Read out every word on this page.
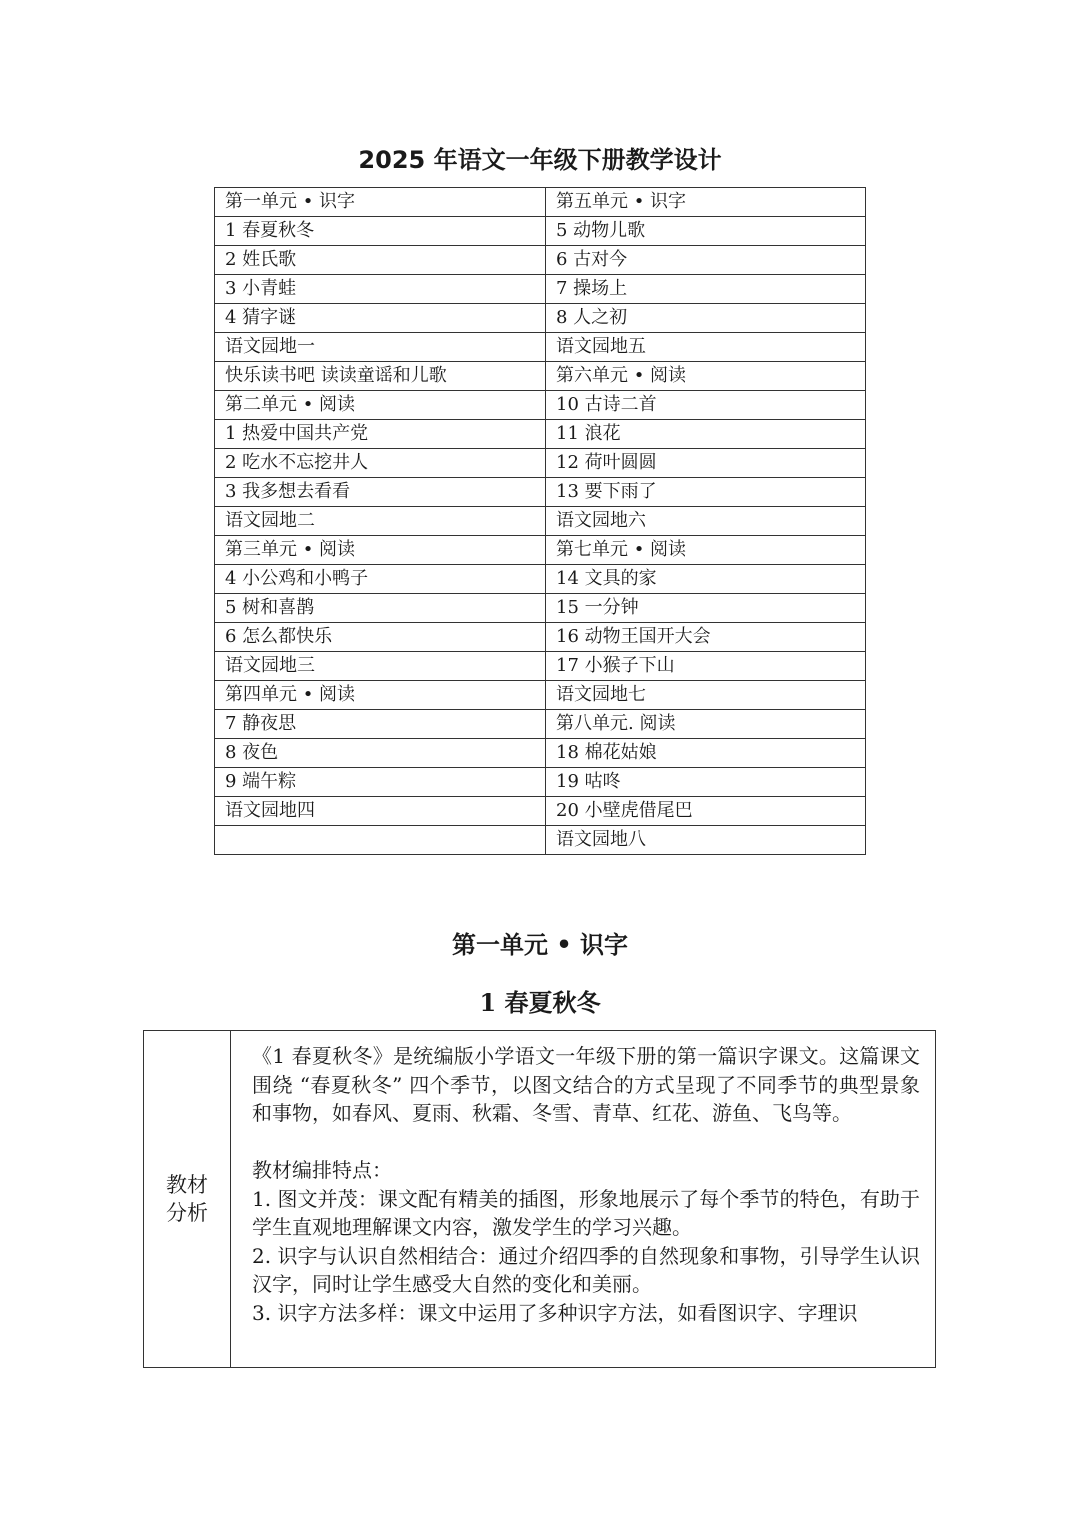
2025 年语文一年级下册教学设计
第一单元 • 识字	第五单元 • 识字
1 春夏秋冬	5 动物儿歌
2 姓氏歌	6 古对今
3 小青蛙	7 操场上
4 猜字谜	8 人之初
语文园地一	语文园地五
快乐读书吧 读读童谣和儿歌	第六单元 • 阅读
第二单元 • 阅读	10 古诗二首
1 热爱中国共产党	11 浪花
2 吃水不忘挖井人	12 荷叶圆圆
3 我多想去看看	13 要下雨了
语文园地二	语文园地六
第三单元 • 阅读	第七单元 • 阅读
4 小公鸡和小鸭子	14 文具的家
5 树和喜鹊	15 一分钟
6 怎么都快乐	16 动物王国开大会
语文园地三	17 小猴子下山
第四单元 • 阅读	语文园地七
7 静夜思	第八单元. 阅读
8 夜色	18 棉花姑娘
9 端午粽	19 咕咚
语文园地四	20 小壁虎借尾巴
	语文园地八
第一单元 • 识字
1 春夏秋冬
教材分析

《1 春夏秋冬》是统编版小学语文一年级下册的第一篇识字课文。这篇课文围绕 “春夏秋冬” 四个季节，以图文结合的方式呈现了不同季节的典型景象和事物，如春风、夏雨、秋霜、冬雪、青草、红花、游鱼、飞鸟等。

教材编排特点：

1. 图文并茂：课文配有精美的插图，形象地展示了每个季节的特色，有助于学生直观地理解课文内容，激发学生的学习兴趣。

2. 识字与认识自然相结合：通过介绍四季的自然现象和事物，引导学生认识汉字，同时让学生感受大自然的变化和美丽。

3. 识字方法多样：课文中运用了多种识字方法，如看图识字、字理识
